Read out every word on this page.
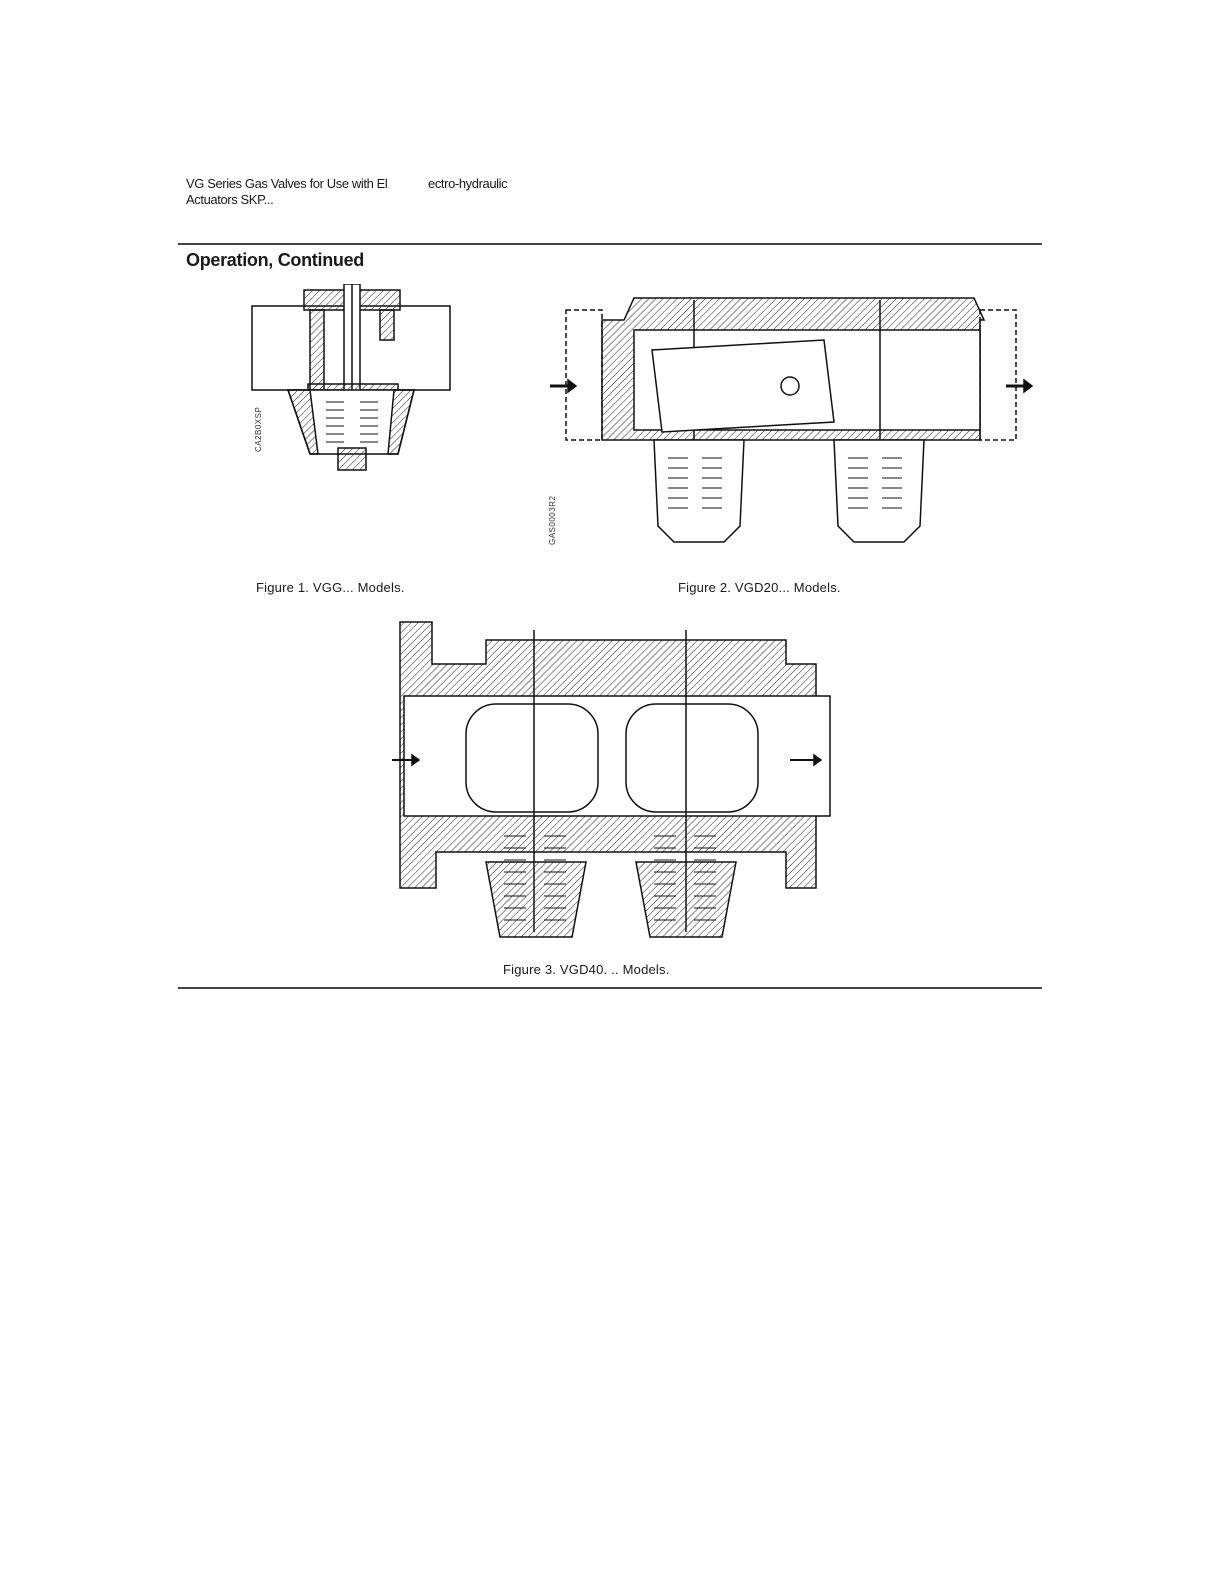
VG Series Gas Valves for Use with El	ectro-hydraulic
Actuators SKP...
Operation, Continued
CA2B0XSP
GAS0003R2
Figure 1. VGG... Models.	Figure 2. VGD20... Models.
Figure 3. VGD40. .. Models.
